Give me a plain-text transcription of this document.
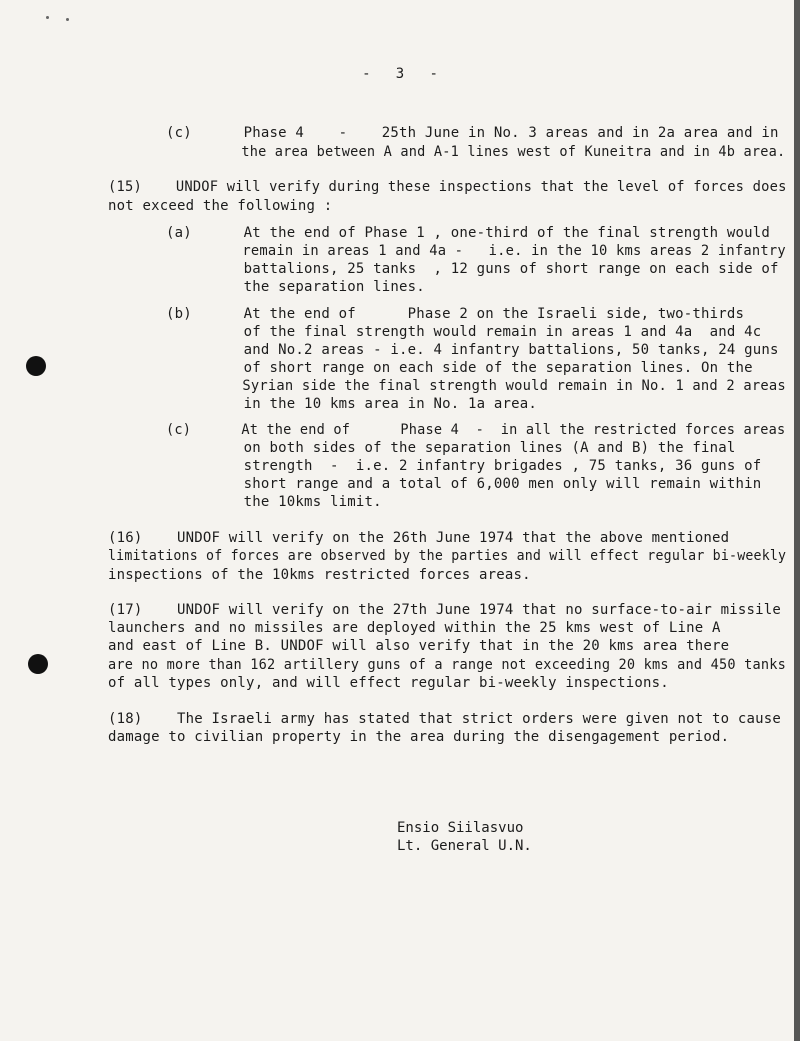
-   3   -
(c)      Phase 4    -    25th June in No. 3 areas and in 2a area and in
the area between A and A-1 lines west of Kuneitra and in 4b area.
(15)    UNDOF will verify during these inspections that the level of forces does
not exceed the following :
(a)      At the end of Phase 1 , one-third of the final strength would
remain in areas 1 and 4a -   i.e. in the 10 kms areas 2 infantry
battalions, 25 tanks  , 12 guns of short range on each side of
the separation lines.
(b)      At the end of      Phase 2 on the Israeli side, two-thirds
of the final strength would remain in areas 1 and 4a  and 4c
and No.2 areas - i.e. 4 infantry battalions, 50 tanks, 24 guns
of short range on each side of the separation lines. On the
Syrian side the final strength would remain in No. 1 and 2 areas
in the 10 kms area in No. 1a area.
(c)      At the end of      Phase 4  -  in all the restricted forces areas
on both sides of the separation lines (A and B) the final
strength  -  i.e. 2 infantry brigades , 75 tanks, 36 guns of
short range and a total of 6,000 men only will remain within
the 10kms limit.
(16)    UNDOF will verify on the 26th June 1974 that the above mentioned
limitations of forces are observed by the parties and will effect regular bi-weekly
inspections of the 10kms restricted forces areas.
(17)    UNDOF will verify on the 27th June 1974 that no surface-to-air missile
launchers and no missiles are deployed within the 25 kms west of Line A
and east of Line B. UNDOF will also verify that in the 20 kms area there
are no more than 162 artillery guns of a range not exceeding 20 kms and 450 tanks
of all types only, and will effect regular bi-weekly inspections.
(18)    The Israeli army has stated that strict orders were given not to cause
damage to civilian property in the area during the disengagement period.
Ensio Siilasvuo
Lt. General U.N.
